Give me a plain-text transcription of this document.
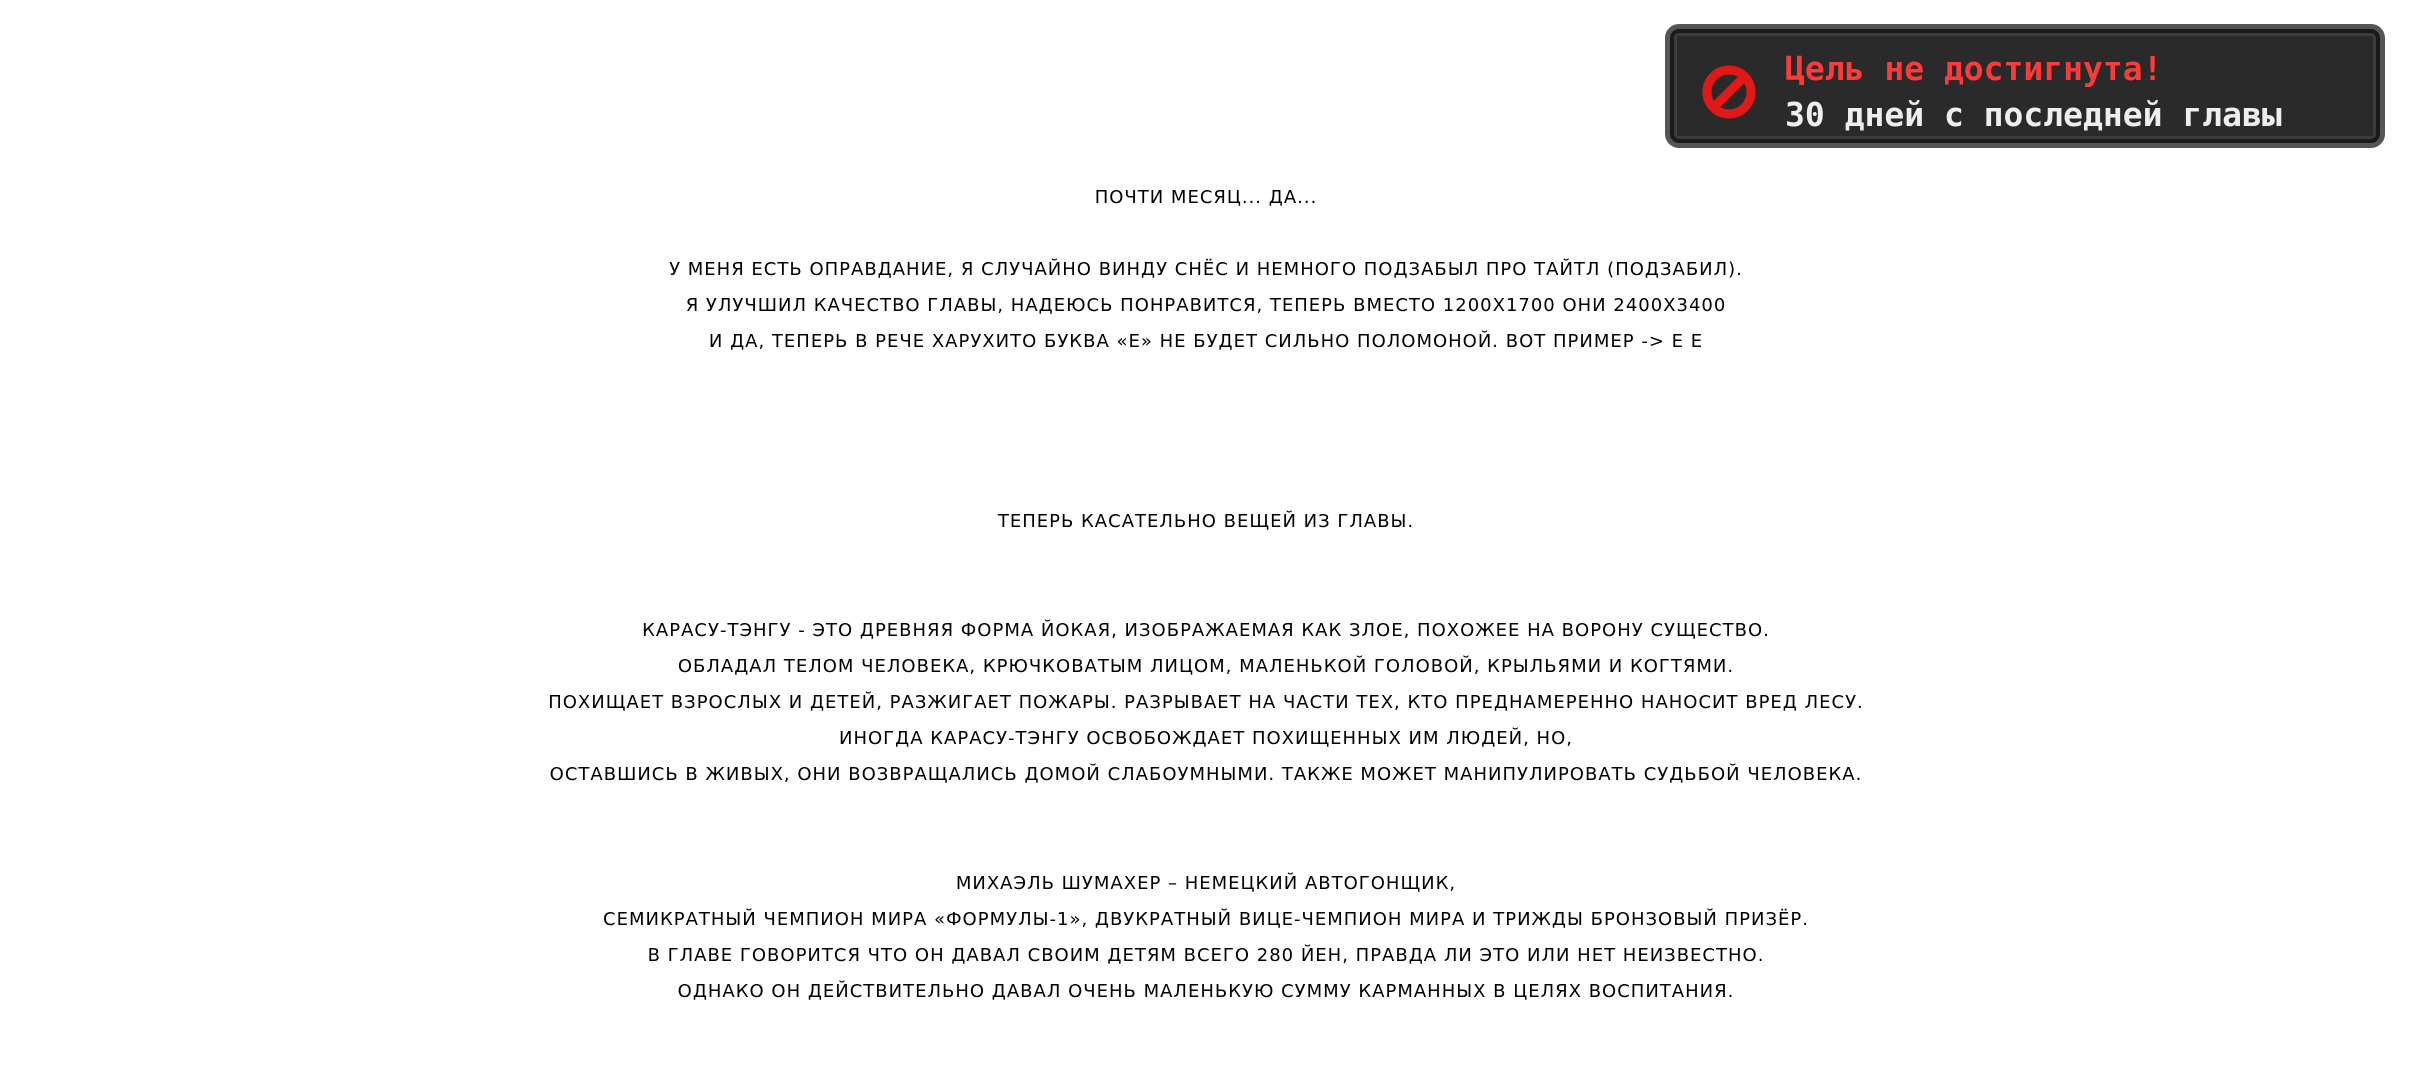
Цель не достигнута!
30 дней с последней главы
ПОЧТИ МЕСЯЦ... ДА...
У МЕНЯ ЕСТЬ ОПРАВДАНИЕ, Я СЛУЧАЙНО ВИНДУ СНЁС И НЕМНОГО ПОДЗАБЫЛ ПРО ТАЙТЛ (ПОДЗАБИЛ).
Я УЛУЧШИЛ КАЧЕСТВО ГЛАВЫ, НАДЕЮСЬ ПОНРАВИТСЯ, ТЕПЕРЬ ВМЕСТО 1200Х1700 ОНИ 2400Х3400
И ДА, ТЕПЕРЬ В РЕЧЕ ХАРУХИТО БУКВА «Е» НЕ БУДЕТ СИЛЬНО ПОЛОМОНОЙ. ВОТ ПРИМЕР -> Е Е
ТЕПЕРЬ КАСАТЕЛЬНО ВЕЩЕЙ ИЗ ГЛАВЫ.
КАРАСУ-ТЭНГУ - ЭТО ДРЕВНЯЯ ФОРМА ЙОКАЯ, ИЗОБРАЖАЕМАЯ КАК ЗЛОЕ, ПОХОЖЕЕ НА ВОРОНУ СУЩЕСТВО.
ОБЛАДАЛ ТЕЛОМ ЧЕЛОВЕКА, КРЮЧКОВАТЫМ ЛИЦОМ, МАЛЕНЬКОЙ ГОЛОВОЙ, КРЫЛЬЯМИ И КОГТЯМИ.
ПОХИЩАЕТ ВЗРОСЛЫХ И ДЕТЕЙ, РАЗЖИГАЕТ ПОЖАРЫ. РАЗРЫВАЕТ НА ЧАСТИ ТЕХ, КТО ПРЕДНАМЕРЕННО НАНОСИТ ВРЕД ЛЕСУ.
ИНОГДА КАРАСУ-ТЭНГУ ОСВОБОЖДАЕТ ПОХИЩЕННЫХ ИМ ЛЮДЕЙ, НО,
ОСТАВШИСЬ В ЖИВЫХ, ОНИ ВОЗВРАЩАЛИСЬ ДОМОЙ СЛАБОУМНЫМИ. ТАКЖЕ МОЖЕТ МАНИПУЛИРОВАТЬ СУДЬБОЙ ЧЕЛОВЕКА.
МИХАЭЛЬ ШУМАХЕР – НЕМЕЦКИЙ АВТОГОНЩИК,
СЕМИКРАТНЫЙ ЧЕМПИОН МИРА «ФОРМУЛЫ-1», ДВУКРАТНЫЙ ВИЦЕ-ЧЕМПИОН МИРА И ТРИЖДЫ БРОНЗОВЫЙ ПРИЗЁР.
В ГЛАВЕ ГОВОРИТСЯ ЧТО ОН ДАВАЛ СВОИМ ДЕТЯМ ВСЕГО 280 ЙЕН, ПРАВДА ЛИ ЭТО ИЛИ НЕТ НЕИЗВЕСТНО.
ОДНАКО ОН ДЕЙСТВИТЕЛЬНО ДАВАЛ ОЧЕНЬ МАЛЕНЬКУЮ СУММУ КАРМАННЫХ В ЦЕЛЯХ ВОСПИТАНИЯ.
